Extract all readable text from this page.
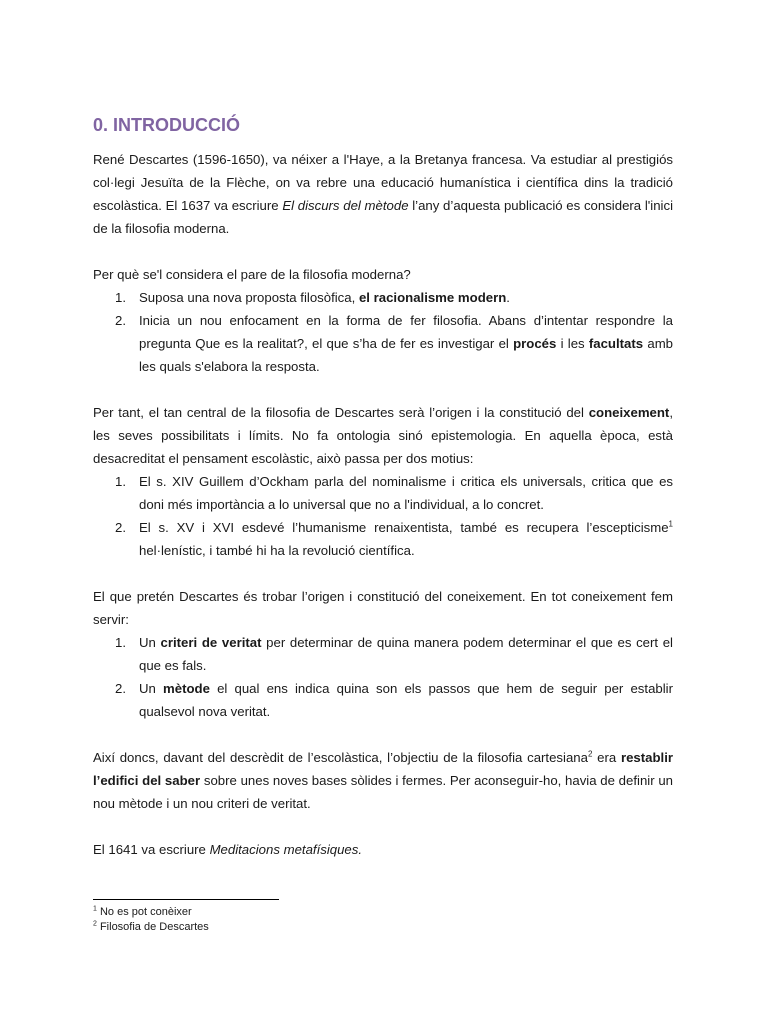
0. INTRODUCCIÓ

René Descartes (1596-1650), va néixer a l'Haye, a la Bretanya francesa. Va estudiar al prestigiós col·legi Jesuïta de la Flèche, on va rebre una educació humanística i científica dins la tradició escolàstica. El 1637 va escriure El discurs del mètode l’any d’aquesta publicació es considera l'inici de la filosofia moderna.

Per què se'l considera el pare de la filosofia moderna?

1. Suposa una nova proposta filosòfica, el racionalisme modern.
2. Inicia un nou enfocament en la forma de fer filosofia. Abans d’intentar respondre la pregunta Que es la realitat?, el que s’ha de fer es investigar el procés i les facultats amb les quals s'elabora la resposta.

Per tant, el tan central de la filosofia de Descartes serà l’origen i la constitució del coneixement, les seves possibilitats i límits. No fa ontologia sinó epistemologia. En aquella època, està desacreditat el pensament escolàstic, això passa per dos motius:

1. El s. XIV Guillem d’Ockham parla del nominalisme i critica els universals, critica que es doni més importància a lo universal que no a l'individual, a lo concret.
2. El s. XV i XVI esdevé l’humanisme renaixentista, també es recupera l’escepticisme$^1$ hel·lenístic, i també hi ha la revolució científica.

El que pretén Descartes és trobar l’origen i constitució del coneixement. En tot coneixement fem servir:

1. Un criteri de veritat per determinar de quina manera podem determinar el que es cert el que es fals.
2. Un mètode el qual ens indica quina son els passos que hem de seguir per establir qualsevol nova veritat.

Així doncs, davant del descrèdit de l’escolàstica, l’objectiu de la filosofia cartesiana$^2$ era restablir l’edifici del saber sobre unes noves bases sòlides i fermes. Per aconseguir-ho, havia de definir un nou mètode i un nou criteri de veritat.

El 1641 va escriure Meditacions metafísiques.

$^1$ No es pot conèixer
$^2$ Filosofia de Descartes
